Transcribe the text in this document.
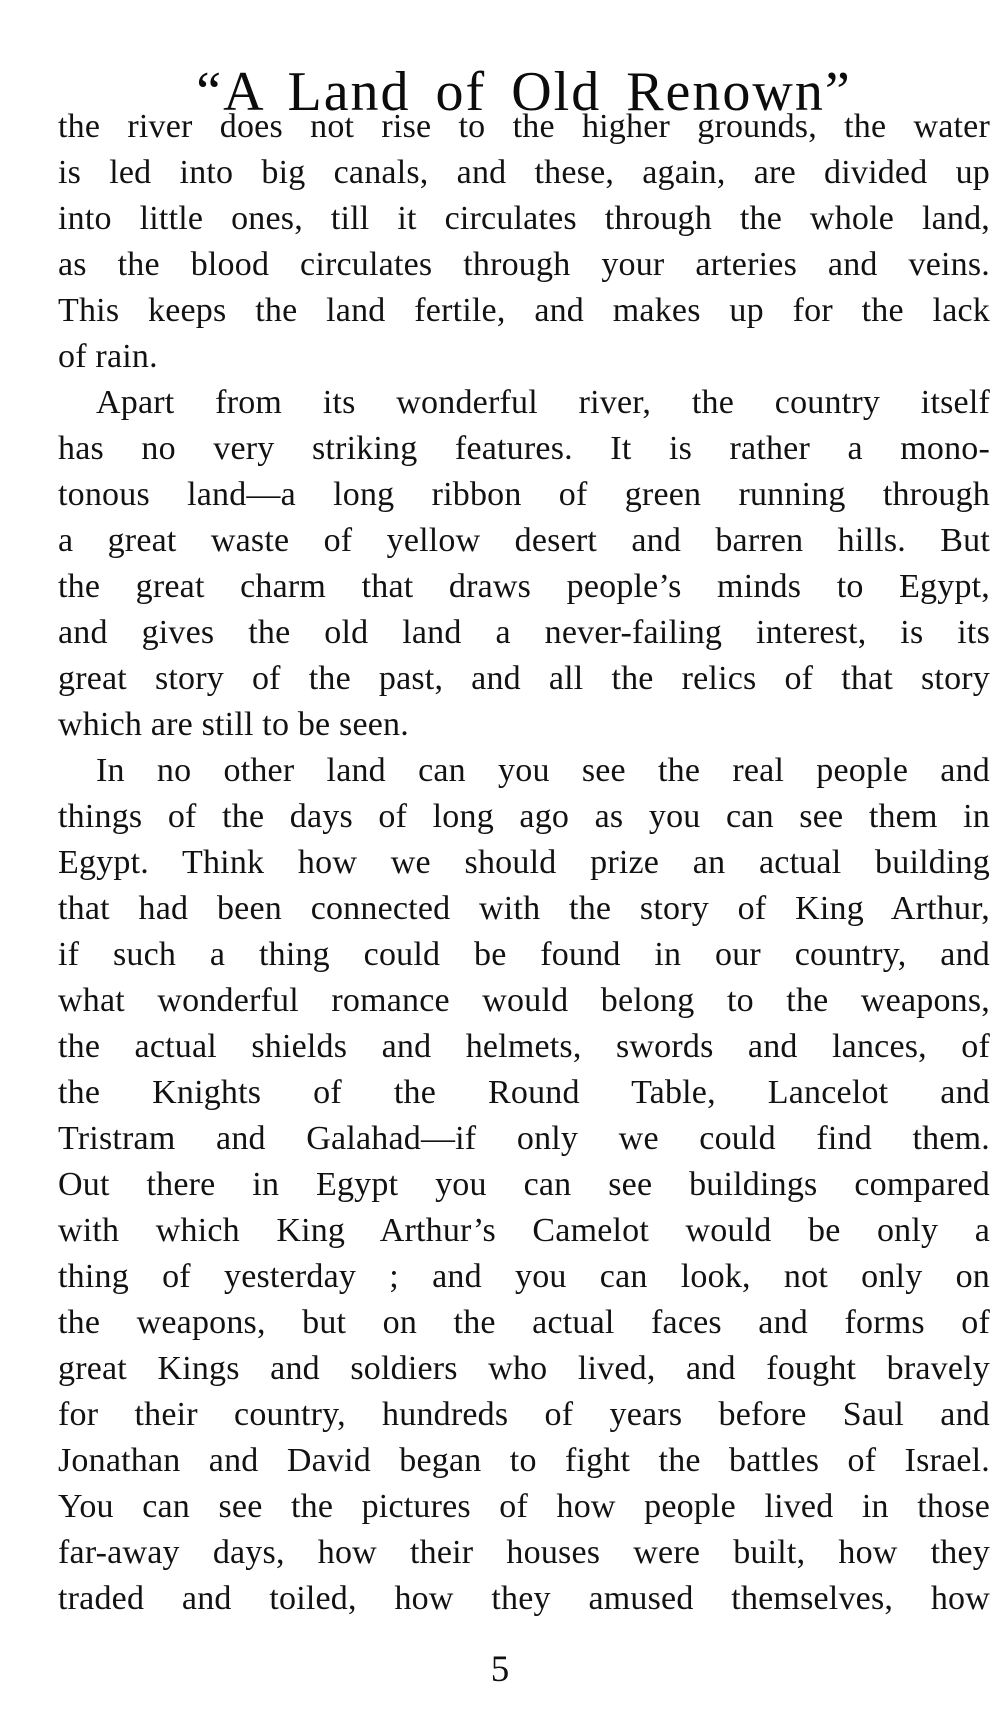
“A Land of Old Renown”
the river does not rise to the higher grounds, the water
is led into big canals, and these, again, are divided up
into little ones, till it circulates through the whole land,
as the blood circulates through your arteries and veins.
This keeps the land fertile, and makes up for the lack
of rain.
Apart from its wonderful river, the country itself
has no very striking features. It is rather a mono-
tonous land—a long ribbon of green running through
a great waste of yellow desert and barren hills. But
the great charm that draws people’s minds to Egypt,
and gives the old land a never-failing interest, is its
great story of the past, and all the relics of that story
which are still to be seen.
In no other land can you see the real people and
things of the days of long ago as you can see them in
Egypt. Think how we should prize an actual building
that had been connected with the story of King Arthur,
if such a thing could be found in our country, and
what wonderful romance would belong to the weapons,
the actual shields and helmets, swords and lances, of
the Knights of the Round Table, Lancelot and
Tristram and Galahad—if only we could find them.
Out there in Egypt you can see buildings compared
with which King Arthur’s Camelot would be only a
thing of yesterday ; and you can look, not only on
the weapons, but on the actual faces and forms of
great Kings and soldiers who lived, and fought bravely
for their country, hundreds of years before Saul and
Jonathan and David began to fight the battles of Israel.
You can see the pictures of how people lived in those
far-away days, how their houses were built, how they
traded and toiled, how they amused themselves, how
5
